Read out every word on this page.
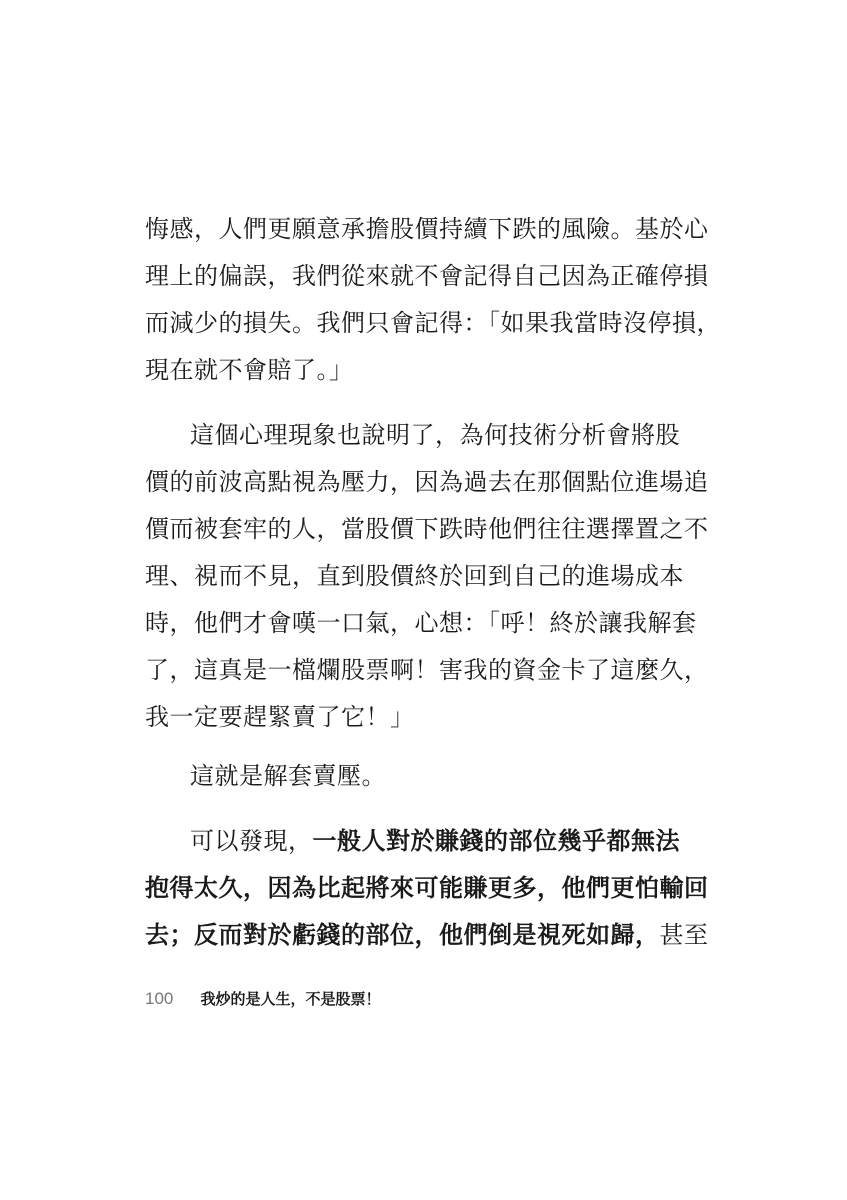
悔感，人們更願意承擔股價持續下跌的風險。基於心
理上的偏誤，我們從來就不會記得自己因為正確停損
而減少的損失。我們只會記得：「如果我當時沒停損，
現在就不會賠了。」
這個心理現象也說明了，為何技術分析會將股
價的前波高點視為壓力，因為過去在那個點位進場追
價而被套牢的人，當股價下跌時他們往往選擇置之不
理、視而不見，直到股價終於回到自己的進場成本
時，他們才會嘆一口氣，心想：「呼！終於讓我解套
了，這真是一檔爛股票啊！害我的資金卡了這麼久，
我一定要趕緊賣了它！」
這就是解套賣壓。
可以發現，一般人對於賺錢的部位幾乎都無法
抱得太久，因為比起將來可能賺更多，他們更怕輸回
去；反而對於虧錢的部位，他們倒是視死如歸，甚至
100 我炒的是人生，不是股票！
